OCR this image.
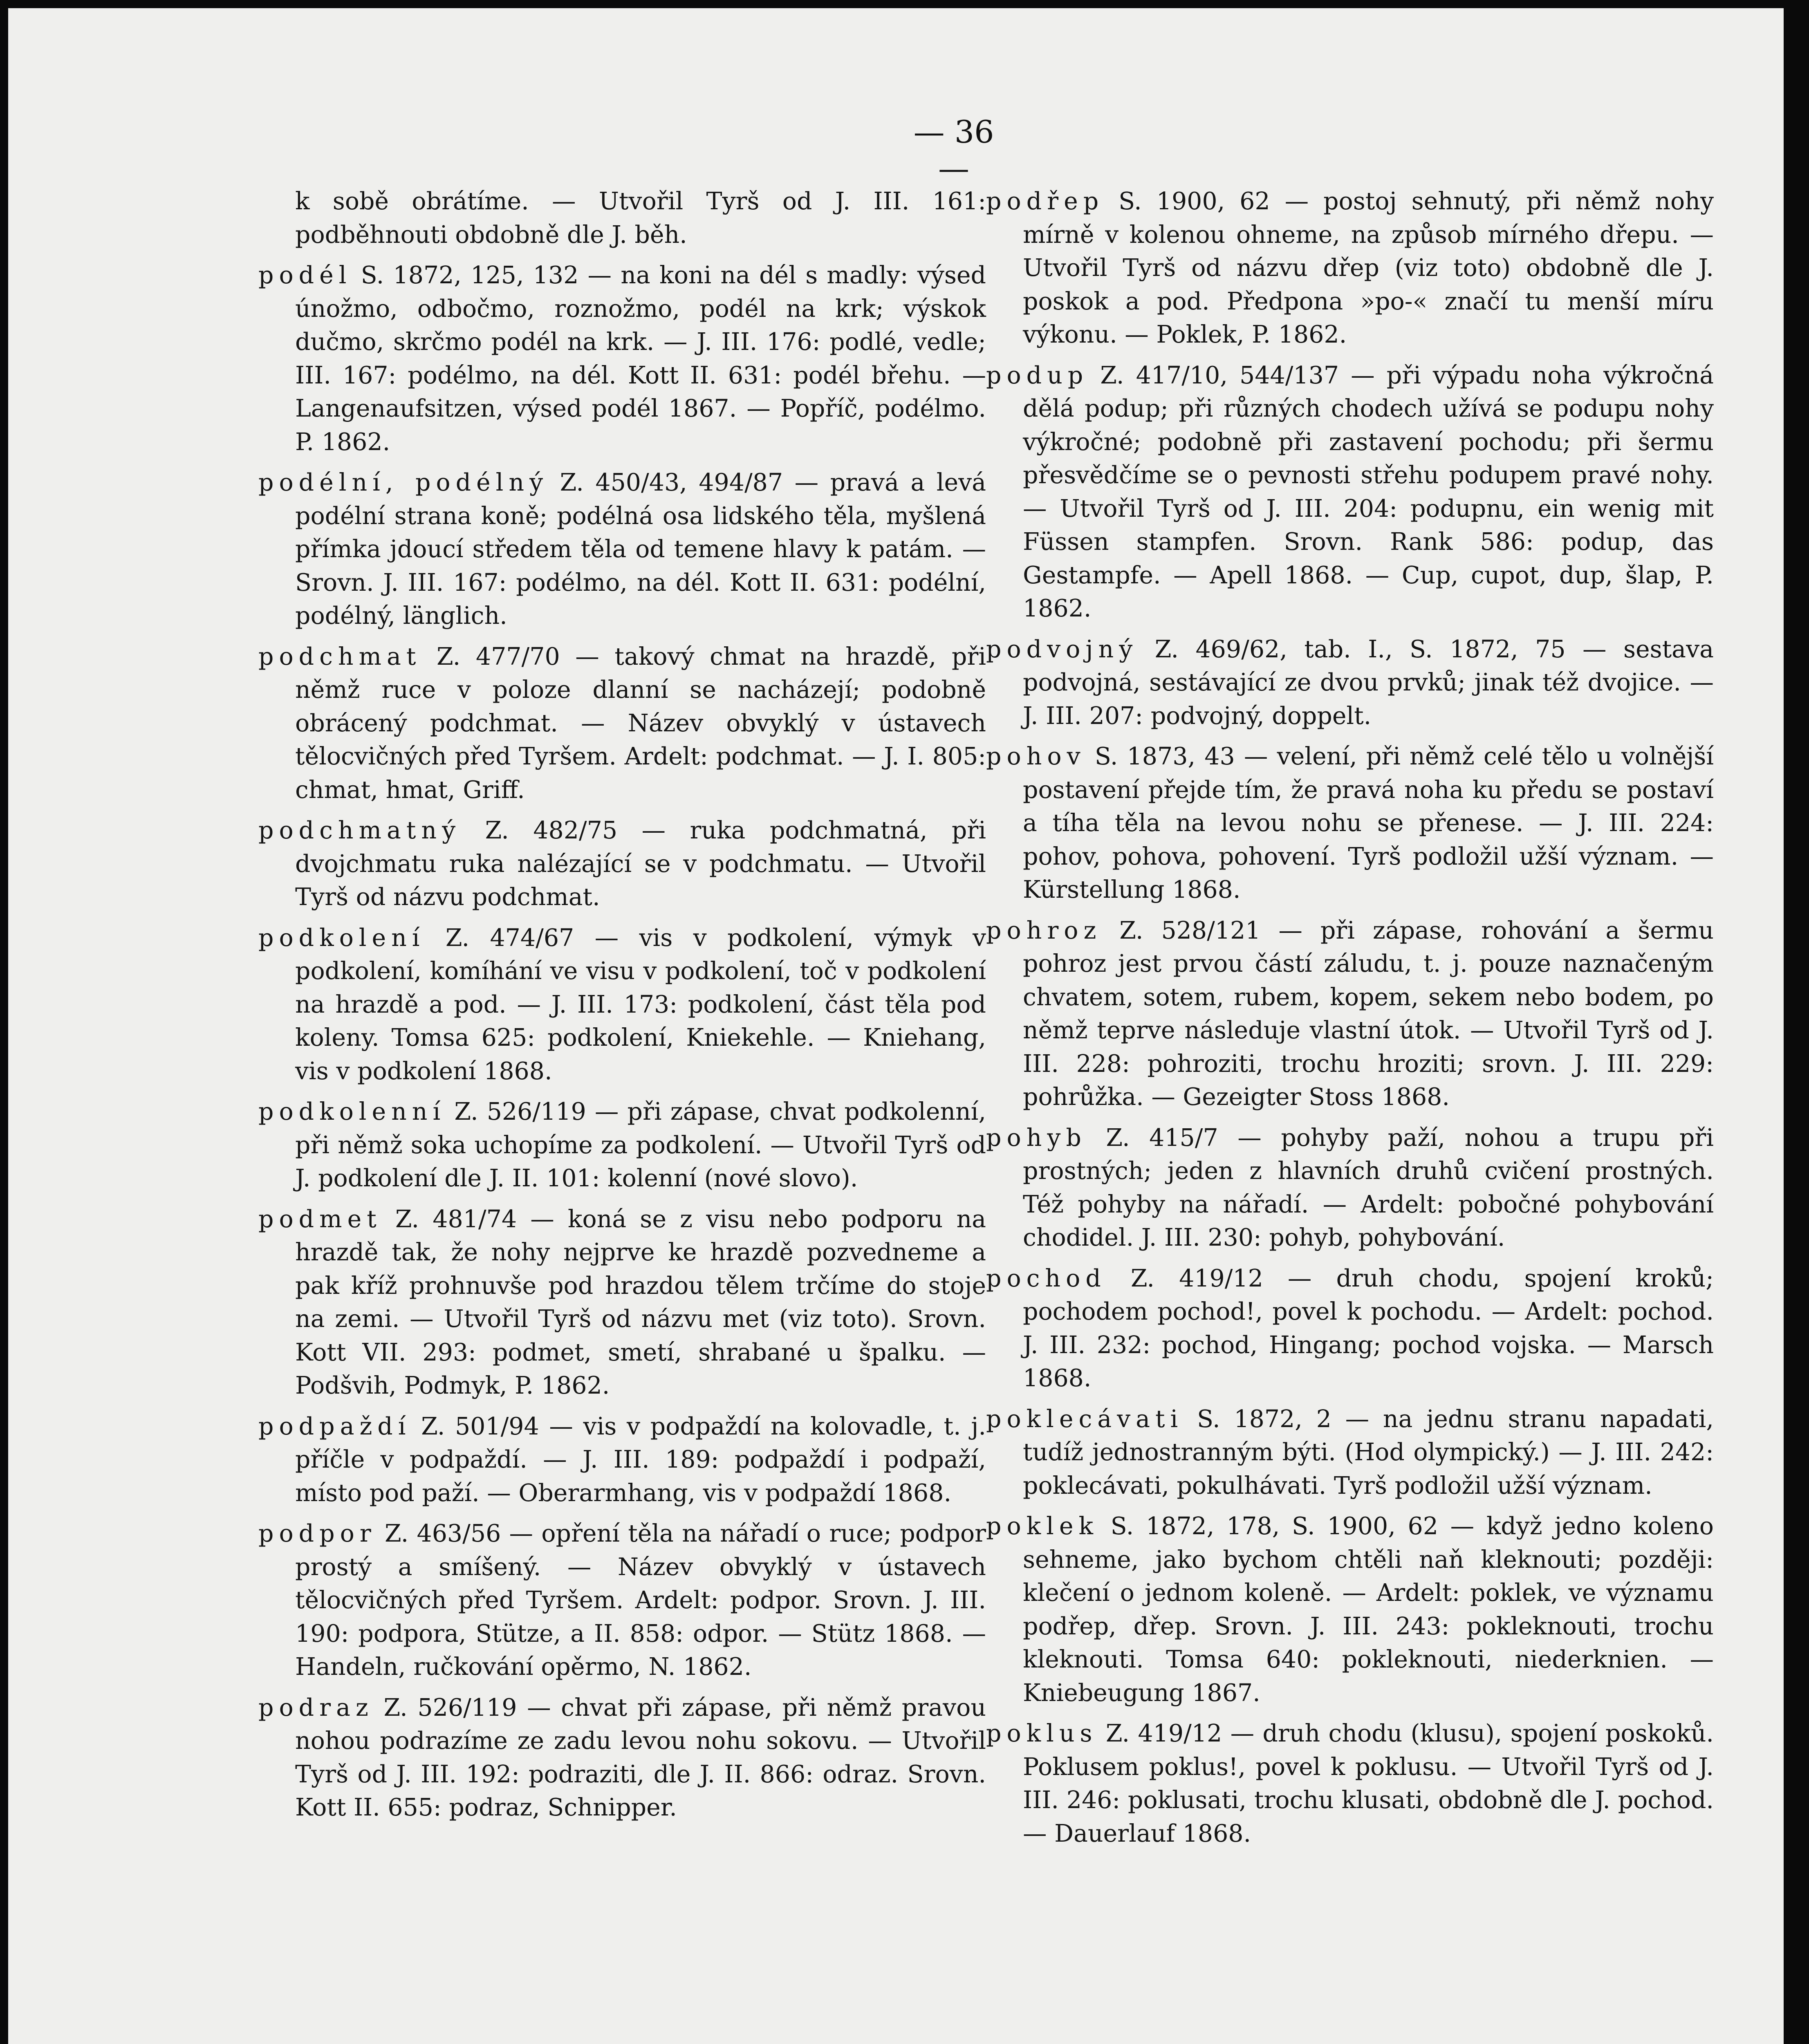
— 36 —

k sobě obrátíme. — Utvořil Tyrš od J. III. 161: podběhnouti obdobně dle J. běh.

podél S. 1872, 125, 132 — na koni na dél s madly: výsed únožmo, odbočmo, roznožmo, podél na krk; výskok dučmo, skrčmo podél na krk. — J. III. 176: podlé, vedle; III. 167: podélmo, na dél. Kott II. 631: podél břehu. — Langenaufsitzen, výsed podél 1867. — Popříč, podélmo. P. 1862.

podélní, podélný Z. 450/43, 494/87 — pravá a levá podélní strana koně; podélná osa lidského těla, myšlená přímka jdoucí středem těla od temene hlavy k patám. — Srovn. J. III. 167: podélmo, na dél. Kott II. 631: podélní, podélný, länglich.

podchmat Z. 477/70 — takový chmat na hrazdě, při němž ruce v poloze dlanní se nacházejí; podobně obrácený podchmat. — Název obvyklý v ústavech tělocvičných před Tyršem. Ardelt: podchmat. — J. I. 805: chmat, hmat, Griff.

podchmatný Z. 482/75 — ruka podchmatná, při dvojchmatu ruka nalézající se v podchmatu. — Utvořil Tyrš od názvu podchmat.

podkolení Z. 474/67 — vis v podkolení, výmyk v podkolení, komíhání ve visu v podkolení, toč v podkolení na hrazdě a pod. — J. III. 173: podkolení, část těla pod koleny. Tomsa 625: podkolení, Kniekehle. — Kniehang, vis v podkolení 1868.

podkolenní Z. 526/119 — při zápase, chvat podkolenní, při němž soka uchopíme za podkolení. — Utvořil Tyrš od J. podkolení dle J. II. 101: kolenní (nové slovo).

podmet Z. 481/74 — koná se z visu nebo podporu na hrazdě tak, že nohy nejprve ke hrazdě pozvedneme a pak kříž prohnuvše pod hrazdou tělem trčíme do stoje na zemi. — Utvořil Tyrš od názvu met (viz toto). Srovn. Kott VII. 293: podmet, smetí, shrabané u špalku. — Podšvih, Podmyk, P. 1862.

podpaždí Z. 501/94 — vis v podpaždí na kolovadle, t. j. příčle v podpaždí. — J. III. 189: podpaždí i podpaží, místo pod paží. — Oberarmhang, vis v podpaždí 1868.

podpor Z. 463/56 — opření těla na nářadí o ruce; podpor prostý a smíšený. — Název obvyklý v ústavech tělocvičných před Tyršem. Ardelt: podpor. Srovn. J. III. 190: podpora, Stütze, a II. 858: odpor. — Stütz 1868. — Handeln, ručkování opěrmo, N. 1862.

podraz Z. 526/119 — chvat při zápase, při němž pravou nohou podrazíme ze zadu levou nohu sokovu. — Utvořil Tyrš od J. III. 192: podraziti, dle J. II. 866: odraz. Srovn. Kott II. 655: podraz, Schnipper.

podřep S. 1900, 62 — postoj sehnutý, při němž nohy mírně v kolenou ohneme, na způsob mírného dřepu. — Utvořil Tyrš od názvu dřep (viz toto) obdobně dle J. poskok a pod. Předpona »po-« značí tu menší míru výkonu. — Poklek, P. 1862.

podup Z. 417/10, 544/137 — při výpadu noha výkročná dělá podup; při různých chodech užívá se podupu nohy výkročné; podobně při zastavení pochodu; při šermu přesvědčíme se o pevnosti střehu podupem pravé nohy. — Utvořil Tyrš od J. III. 204: podupnu, ein wenig mit Füssen stampfen. Srovn. Rank 586: podup, das Gestampfe. — Apell 1868. — Cup, cupot, dup, šlap, P. 1862.

podvojný Z. 469/62, tab. I., S. 1872, 75 — sestava podvojná, sestávající ze dvou prvků; jinak též dvojice. — J. III. 207: podvojný, doppelt.

pohov S. 1873, 43 — velení, při němž celé tělo u volnější postavení přejde tím, že pravá noha ku předu se postaví a tíha těla na levou nohu se přenese. — J. III. 224: pohov, pohova, pohovení. Tyrš podložil užší význam. — Kürstellung 1868.

pohroz Z. 528/121 — při zápase, rohování a šermu pohroz jest prvou částí záludu, t. j. pouze naznačeným chvatem, sotem, rubem, kopem, sekem nebo bodem, po němž teprve následuje vlastní útok. — Utvořil Tyrš od J. III. 228: pohroziti, trochu hroziti; srovn. J. III. 229: pohrůžka. — Gezeigter Stoss 1868.

pohyb Z. 415/7 — pohyby paží, nohou a trupu při prostných; jeden z hlavních druhů cvičení prostných. Též pohyby na nářadí. — Ardelt: pobočné pohybování chodidel. J. III. 230: pohyb, pohybování.

pochod Z. 419/12 — druh chodu, spojení kroků; pochodem pochod!, povel k pochodu. — Ardelt: pochod. J. III. 232: pochod, Hingang; pochod vojska. — Marsch 1868.

poklecávati S. 1872, 2 — na jednu stranu napadati, tudíž jednostranným býti. (Hod olympický.) — J. III. 242: poklecávati, pokulhávati. Tyrš podložil užší význam.

poklek S. 1872, 178, S. 1900, 62 — když jedno koleno sehneme, jako bychom chtěli naň kleknouti; později: klečení o jednom koleně. — Ardelt: poklek, ve významu podřep, dřep. Srovn. J. III. 243: pokleknouti, trochu kleknouti. Tomsa 640: pokleknouti, niederknien. — Kniebeugung 1867.

poklus Z. 419/12 — druh chodu (klusu), spojení poskoků. Poklusem poklus!, povel k poklusu. — Utvořil Tyrš od J. III. 246: poklusati, trochu klusati, obdobně dle J. pochod. — Dauerlauf 1868.
